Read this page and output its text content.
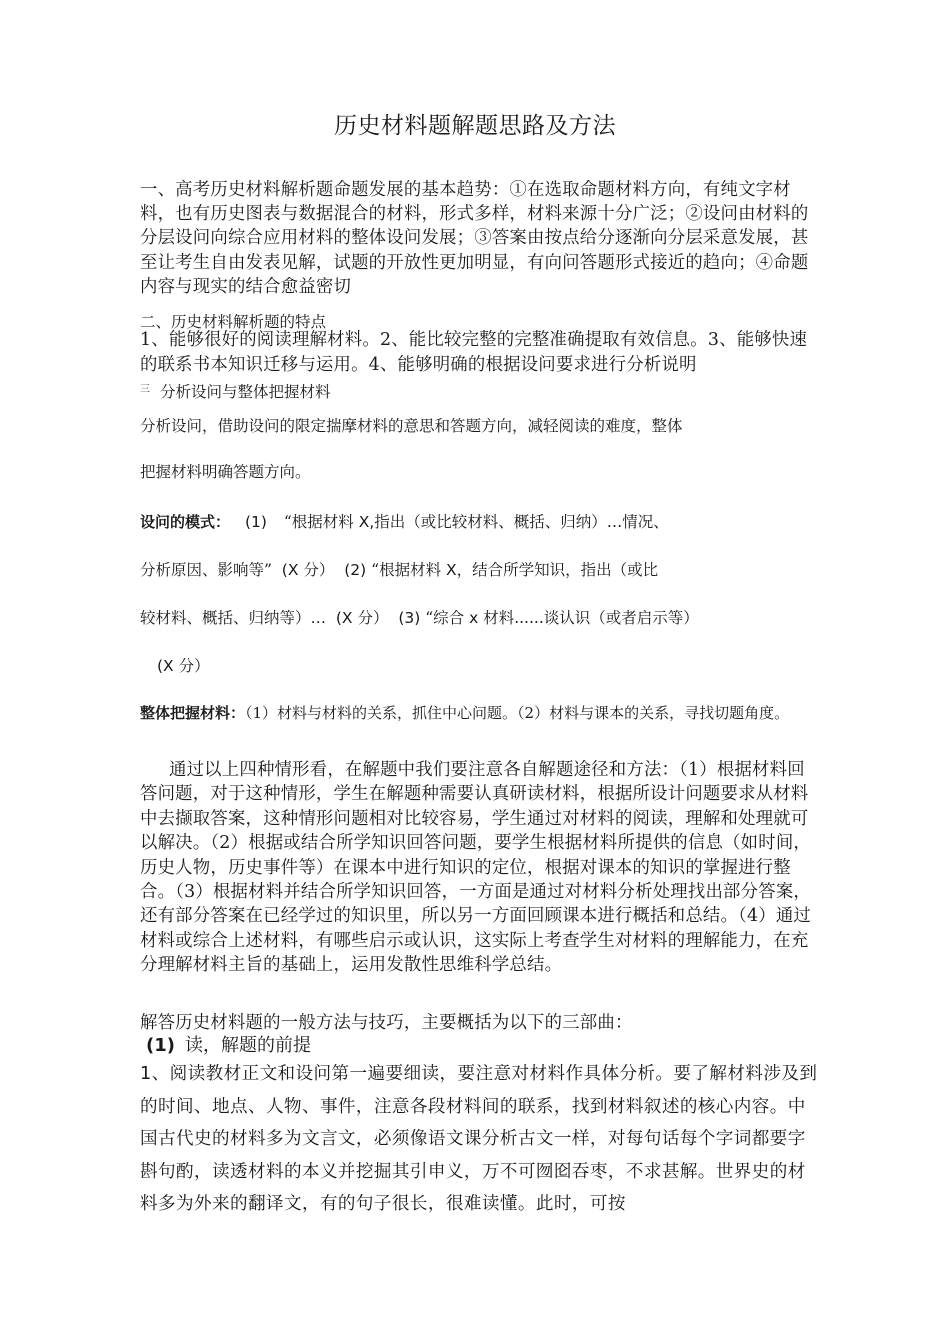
历史材料题解题思路及方法

一、高考历史材料解析题命题发展的基本趋势：①在选取命题材料方向，有纯文字材料，也有历史图表与数据混合的材料，形式多样，材料来源十分广泛；②设问由材料的分层设问向综合应用材料的整体设问发展；③答案由按点给分逐渐向分层采意发展，甚至让考生自由发表见解，试题的开放性更加明显，有向问答题形式接近的趋向；④命题内容与现实的结合愈益密切

二、历史材料解析题的特点

1、能够很好的阅读理解材料。2、能比较完整的完整准确提取有效信息。3、能够快速的联系书本知识迁移与运用。4、能够明确的根据设问要求进行分析说明

$^三$ 分析设问与整体把握材料
分析设问，借助设问的限定揣摩材料的意思和答题方向，减轻阅读的难度，整体
把握材料明确答题方向。
设问的模式： (1) “根据材料 X,指出（或比较材料、概括、归纳）…情况、
分析原因、影响等”  (X 分）  (2) “根据材料 X，结合所学知识，指出（或比
较材料、概括、归纳等）…  (X 分）  (3) “综合 x 材料......谈认识（或者启示等）
(X 分）

整体把握材料：（1）材料与材料的关系，抓住中心问题。（2）材料与课本的关系，寻找切题角度。

通过以上四种情形看，在解题中我们要注意各自解题途径和方法：（1）根据材料回答问题，对于这种情形，学生在解题种需要认真研读材料，根据所设计问题要求从材料中去撷取答案，这种情形问题相对比较容易，学生通过对材料的阅读，理解和处理就可以解决。（2）根据或结合所学知识回答问题，要学生根据材料所提供的信息（如时间，历史人物，历史事件等）在课本中进行知识的定位，根据对课本的知识的掌握进行整合。（3）根据材料并结合所学知识回答，一方面是通过对材料分析处理找出部分答案，还有部分答案在已经学过的知识里，所以另一方面回顾课本进行概括和总结。（4）通过材料或综合上述材料，有哪些启示或认识，这实际上考查学生对材料的理解能力，在充分理解材料主旨的基础上，运用发散性思维科学总结。

解答历史材料题的一般方法与技巧，主要概括为以下的三部曲：
(1) 读，解题的前提

1、阅读教材正文和设问第一遍要细读，要注意对材料作具体分析。要了解材料涉及到的时间、地点、人物、事件，注意各段材料间的联系，找到材料叙述的核心内容。中国古代史的材料多为文言文，必须像语文课分析古文一样，对每句话每个字词都要字斟句酌，读透材料的本义并挖掘其引申义，万不可囫囵吞枣，不求甚解。世界史的材料多为外来的翻译文，有的句子很长，很难读懂。此时，可按
